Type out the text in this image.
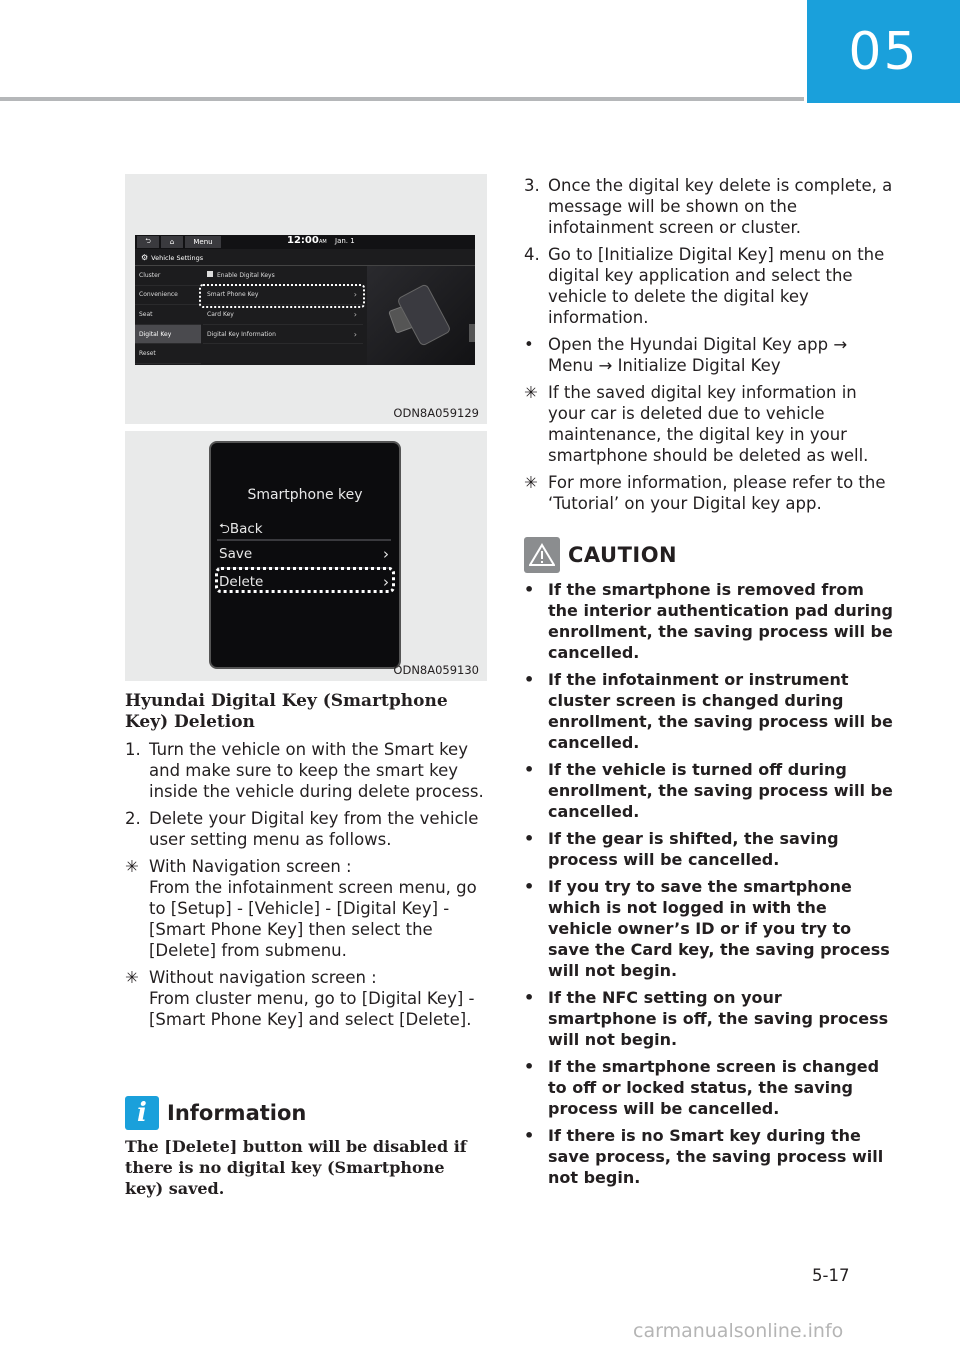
05
⮌	⌂	Menu	12:00 AM Jan. 1
⚙ Vehicle Settings
Cluster
Convenience
Seat
Digital Key
Reset
Enable Digital Keys
Smart Phone Key	›
Card Key	›
Digital Key Information	›
ODN8A059129
Smartphone key
⮌Back
Save	›
Delete	›
ODN8A059130
Hyundai Digital Key (Smartphone Key) Deletion
1. Turn the vehicle on with the Smart key and make sure to keep the smart key inside the vehicle during delete process.
2. Delete your Digital key from the vehicle user setting menu as follows.
✳ With Navigation screen :
From the infotainment screen menu, go to [Setup] - [Vehicle] - [Digital Key] - [Smart Phone Key] then select the [Delete] from submenu.
✳ Without navigation screen :
From cluster menu, go to [Digital Key] - [Smart Phone Key] and select [Delete].
i Information
The [Delete] button will be disabled if there is no digital key (Smartphone key) saved.
3. Once the digital key delete is complete, a message will be shown on the infotainment screen or cluster.
4. Go to [Initialize Digital Key] menu on the digital key application and select the vehicle to delete the digital key information.
• Open the Hyundai Digital Key app → Menu → Initialize Digital Key
✳ If the saved digital key information in your car is deleted due to vehicle maintenance, the digital key in your smartphone should be deleted as well.
✳ For more information, please refer to the ‘Tutorial’ on your Digital key app.
CAUTION
• If the smartphone is removed from the interior authentication pad during enrollment, the saving process will be cancelled.
• If the infotainment or instrument cluster screen is changed during enrollment, the saving process will be cancelled.
• If the vehicle is turned off during enrollment, the saving process will be cancelled.
• If the gear is shifted, the saving process will be cancelled.
• If you try to save the smartphone which is not logged in with the vehicle owner’s ID or if you try to save the Card key, the saving process will not begin.
• If the NFC setting on your smartphone is off, the saving process will not begin.
• If the smartphone screen is changed to off or locked status, the saving process will be cancelled.
• If there is no Smart key during the save process, the saving process will not begin.
5-17
carmanualsonline.info
